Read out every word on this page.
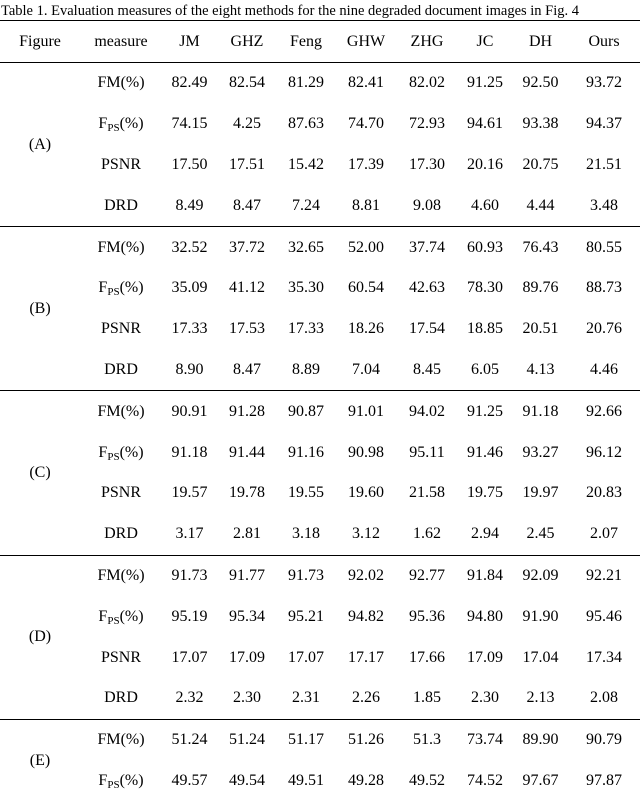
Table 1. Evaluation measures of the eight methods for the nine degraded document images in Fig. 4
Figure	measure	JM	GHZ	Feng	GHW	ZHG	JC	DH	Ours
(A)	FM(%)	82.49	82.54	81.29	82.41	82.02	91.25	92.50	93.72
	FPS(%)	74.15	4.25	87.63	74.70	72.93	94.61	93.38	94.37
	PSNR	17.50	17.51	15.42	17.39	17.30	20.16	20.75	21.51
	DRD	8.49	8.47	7.24	8.81	9.08	4.60	4.44	3.48
(B)	FM(%)	32.52	37.72	32.65	52.00	37.74	60.93	76.43	80.55
	FPS(%)	35.09	41.12	35.30	60.54	42.63	78.30	89.76	88.73
	PSNR	17.33	17.53	17.33	18.26	17.54	18.85	20.51	20.76
	DRD	8.90	8.47	8.89	7.04	8.45	6.05	4.13	4.46
(C)	FM(%)	90.91	91.28	90.87	91.01	94.02	91.25	91.18	92.66
	FPS(%)	91.18	91.44	91.16	90.98	95.11	91.46	93.27	96.12
	PSNR	19.57	19.78	19.55	19.60	21.58	19.75	19.97	20.83
	DRD	3.17	2.81	3.18	3.12	1.62	2.94	2.45	2.07
(D)	FM(%)	91.73	91.77	91.73	92.02	92.77	91.84	92.09	92.21
	FPS(%)	95.19	95.34	95.21	94.82	95.36	94.80	91.90	95.46
	PSNR	17.07	17.09	17.07	17.17	17.66	17.09	17.04	17.34
	DRD	2.32	2.30	2.31	2.26	1.85	2.30	2.13	2.08
(E)	FM(%)	51.24	51.24	51.17	51.26	51.3	73.74	89.90	90.79
	FPS(%)	49.57	49.54	49.51	49.28	49.52	74.52	97.67	97.87
